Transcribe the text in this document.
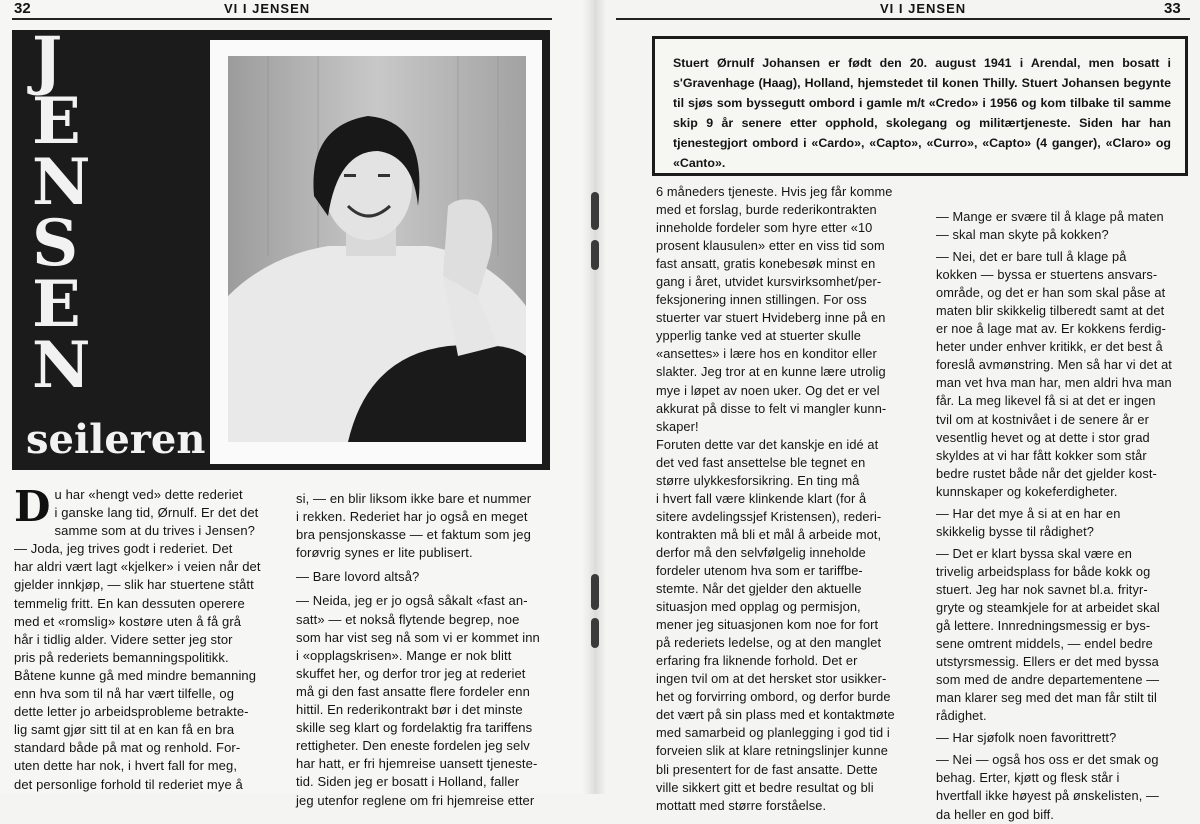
32	VI I JENSEN
J
E
N
S
E
N
seileren
D u har «hengt ved» dette rederiet

i ganske lang tid, Ørnulf. Er det det

samme som at du trives i Jensen?

— Joda, jeg trives godt i rederiet. Det

har aldri vært lagt «kjelker» i veien når det

gjelder innkjøp, — slik har stuertene stått

temmelig fritt. En kan dessuten operere

med et «romslig» kostøre uten å få grå

hår i tidlig alder. Videre setter jeg stor

pris på rederiets bemanningspolitikk.

Båtene kunne gå med mindre bemanning

enn hva som til nå har vært tilfelle, og

dette letter jo arbeidsprobleme betrakte-

lig samt gjør sitt til at en kan få en bra

standard både på mat og renhold. For-

uten dette har nok, i hvert fall for meg,

det personlige forhold til rederiet mye å

si, — en blir liksom ikke bare et nummer

i rekken. Rederiet har jo også en meget

bra pensjonskasse — et faktum som jeg

forøvrig synes er lite publisert.

— Bare lovord altså?

— Neida, jeg er jo også såkalt «fast an-

satt» — et nokså flytende begrep, noe

som har vist seg nå som vi er kommet inn

i «opplagskrisen». Mange er nok blitt

skuffet her, og derfor tror jeg at rederiet

må gi den fast ansatte flere fordeler enn

hittil. En rederikontrakt bør i det minste

skille seg klart og fordelaktig fra tariffens

rettigheter. Den eneste fordelen jeg selv

har hatt, er fri hjemreise uansett tjeneste-

tid. Siden jeg er bosatt i Holland, faller

jeg utenfor reglene om fri hjemreise etter

VI I JENSEN	33

Stuert Ørnulf Johansen er født den 20. august 1941 i Arendal, men bosatt i s'Gravenhage (Haag), Holland, hjemstedet til konen Thilly. Stuert Johansen begynte til sjøs som byssegutt ombord i gamle m/t «Credo» i 1956 og kom tilbake til samme skip 9 år senere etter opphold, skolegang og militærtjeneste. Siden har han tjenestegjort ombord i «Cardo», «Capto», «Curro», «Capto» (4 ganger), «Claro» og «Canto».

6 måneders tjeneste. Hvis jeg får komme

med et forslag, burde rederikontrakten

inneholde fordeler som hyre etter «10

prosent klausulen» etter en viss tid som

fast ansatt, gratis konebesøk minst en

gang i året, utvidet kursvirksomhet/per-

feksjonering innen stillingen. For oss

stuerter var stuert Hvideberg inne på en

ypperlig tanke ved at stuerter skulle

«ansettes» i lære hos en konditor eller

slakter. Jeg tror at en kunne lære utrolig

mye i løpet av noen uker. Og det er vel

akkurat på disse to felt vi mangler kunn-

skaper!

Foruten dette var det kanskje en idé at

det ved fast ansettelse ble tegnet en

større ulykkesforsikring. En ting må

i hvert fall være klinkende klart (for å

sitere avdelingssjef Kristensen), rederi-

kontrakten må bli et mål å arbeide mot,

derfor må den selvfølgelig inneholde

fordeler utenom hva som er tariffbe-

stemte. Når det gjelder den aktuelle

situasjon med opplag og permisjon,

mener jeg situasjonen kom noe for fort

på rederiets ledelse, og at den manglet

erfaring fra liknende forhold. Det er

ingen tvil om at det hersket stor usikker-

het og forvirring ombord, og derfor burde

det vært på sin plass med et kontaktmøte

med samarbeid og planlegging i god tid i

forveien slik at klare retningslinjer kunne

bli presentert for de fast ansatte. Dette

ville sikkert gitt et bedre resultat og bli

mottatt med større forståelse.

— Mange er svære til å klage på maten

— skal man skyte på kokken?

— Nei, det er bare tull å klage på

kokken — byssa er stuertens ansvars-

område, og det er han som skal påse at

maten blir skikkelig tilberedt samt at det

er noe å lage mat av. Er kokkens ferdig-

heter under enhver kritikk, er det best å

foreslå avmønstring. Men så har vi det at

man vet hva man har, men aldri hva man

får. La meg likevel få si at det er ingen

tvil om at kostnivået i de senere år er

vesentlig hevet og at dette i stor grad

skyldes at vi har fått kokker som står

bedre rustet både når det gjelder kost-

kunnskaper og kokeferdigheter.

— Har det mye å si at en har en

skikkelig bysse til rådighet?

— Det er klart byssa skal være en

trivelig arbeidsplass for både kokk og

stuert. Jeg har nok savnet bl.a. frityr-

gryte og steamkjele for at arbeidet skal

gå lettere. Innredningsmessig er bys-

sene omtrent middels, — endel bedre

utstyrsmessig. Ellers er det med byssa

som med de andre departementene —

man klarer seg med det man får stilt til

rådighet.

— Har sjøfolk noen favorittrett?

— Nei — også hos oss er det smak og

behag. Erter, kjøtt og flesk står i

hvertfall ikke høyest på ønskelisten, —

da heller en god biff.
